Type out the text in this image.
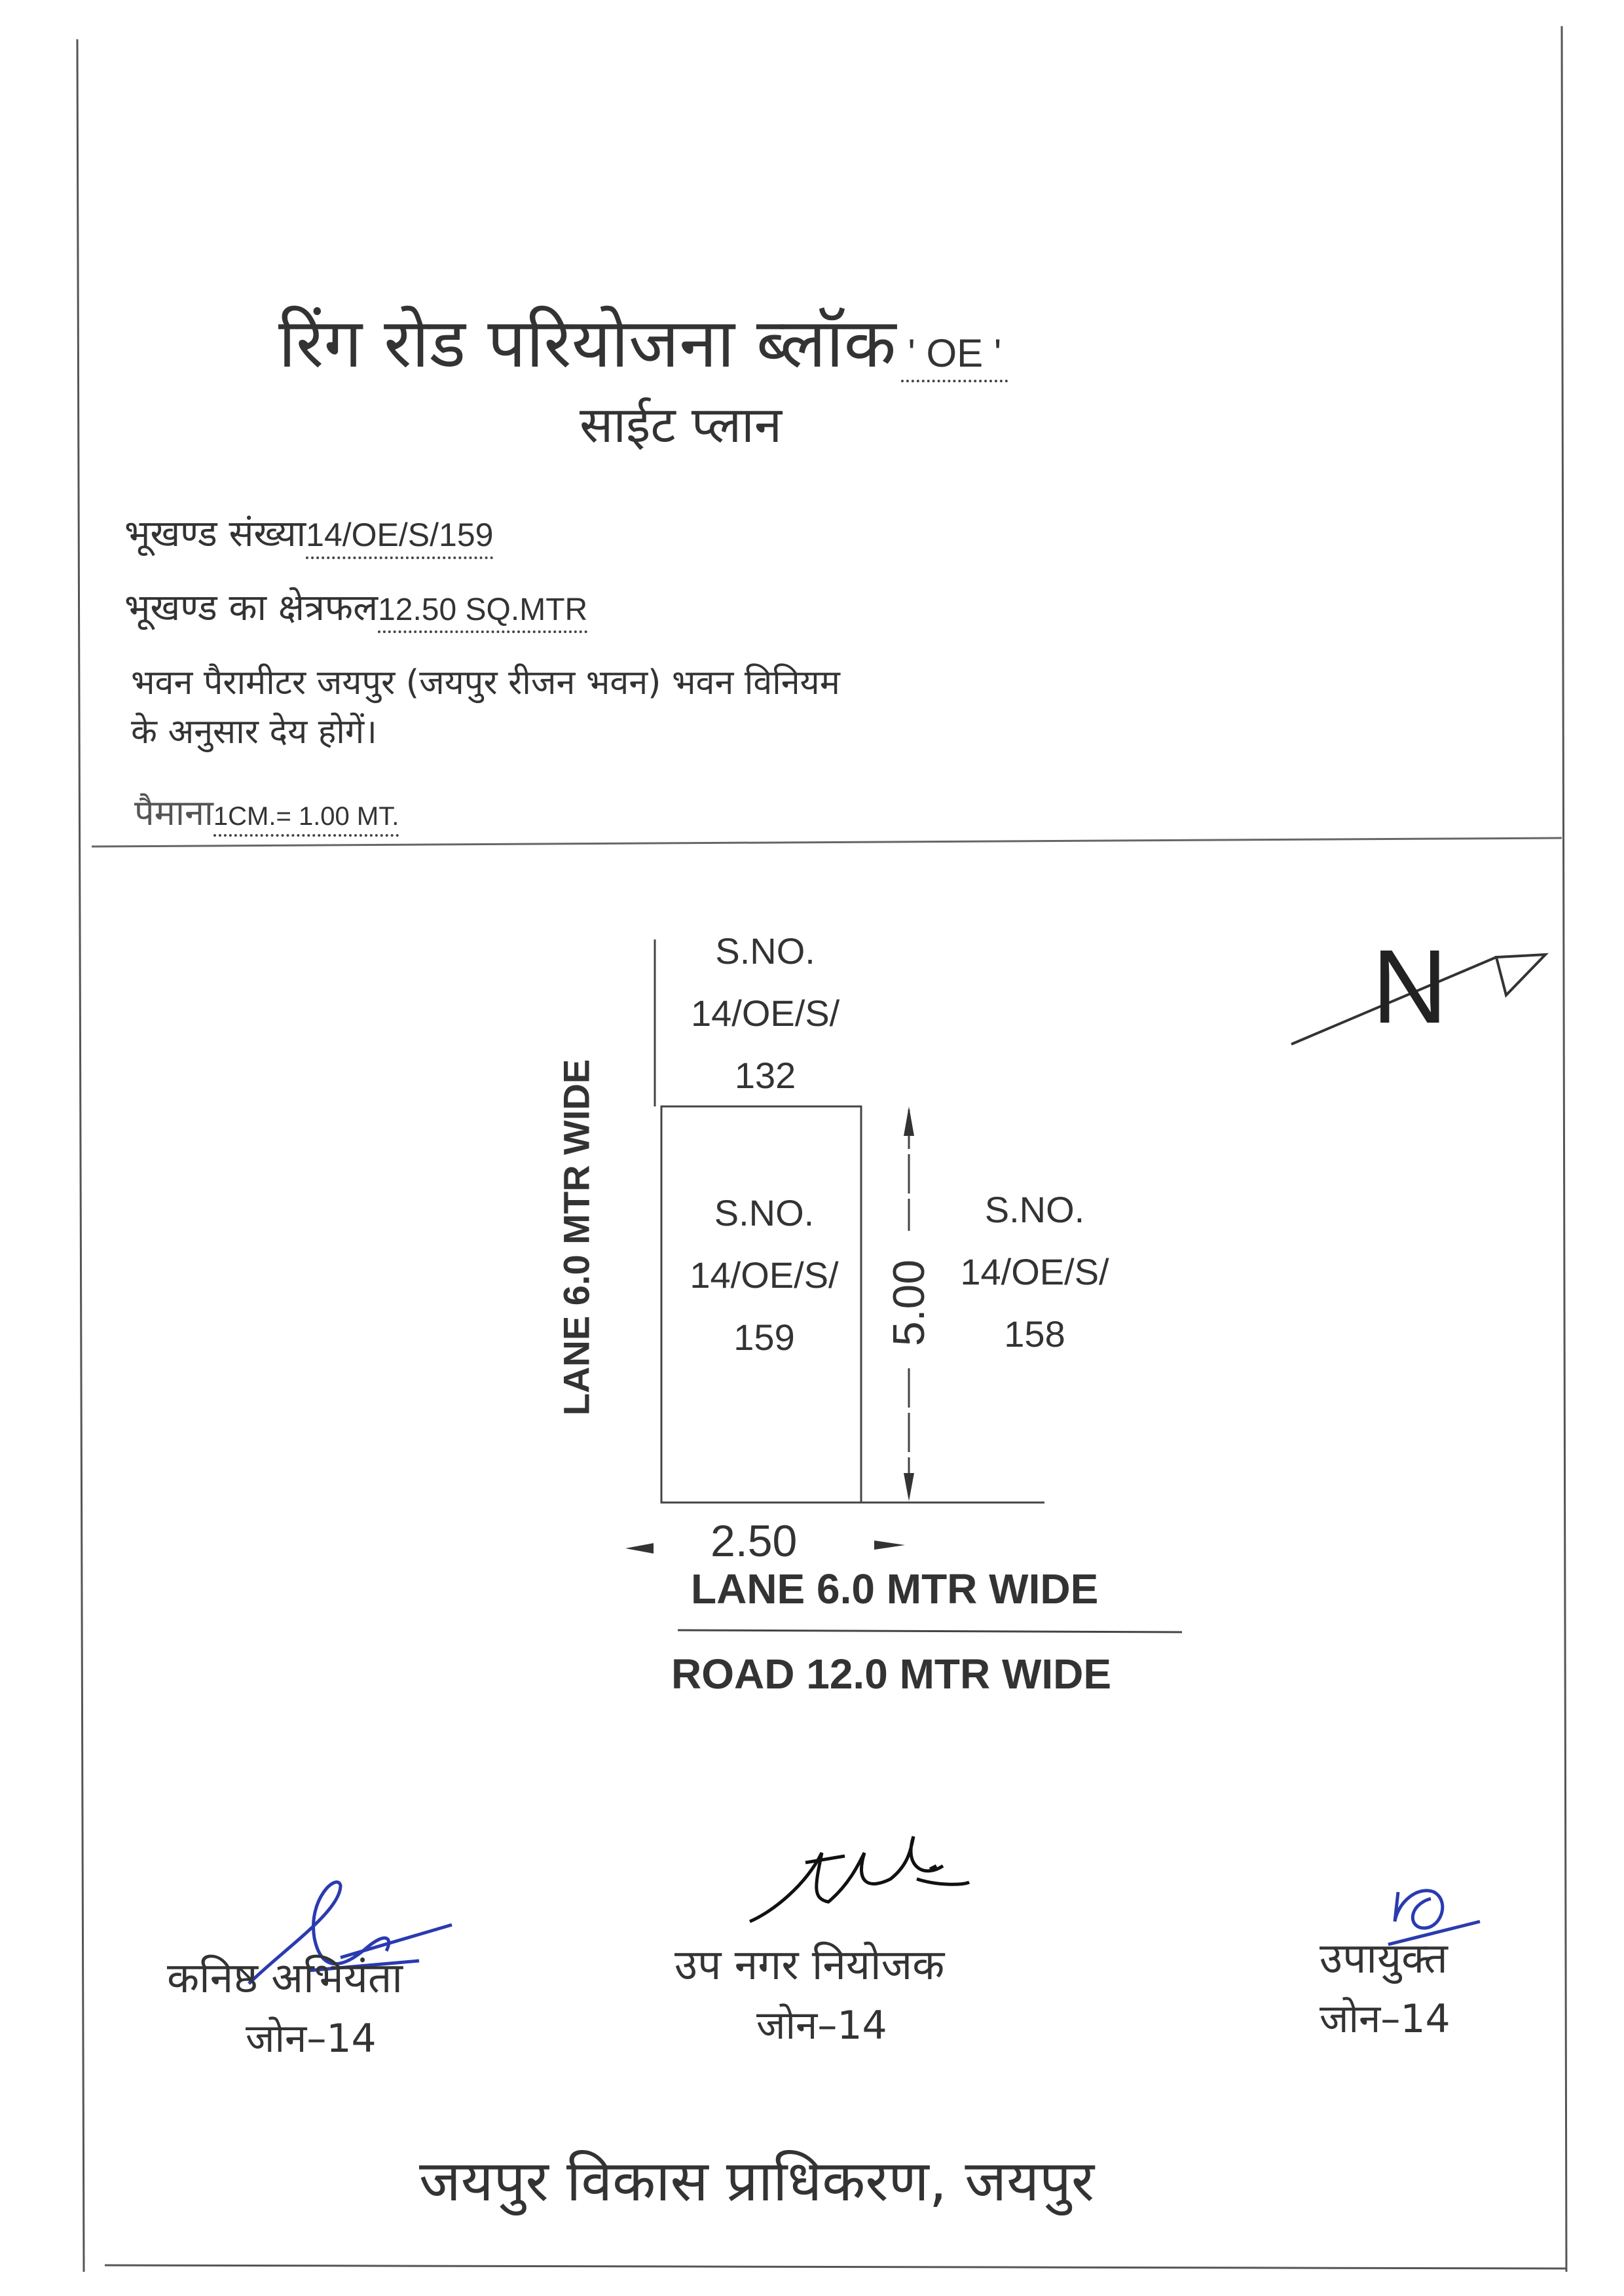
रिंग रोड परियोजना ब्लॉक ' OE '
साईट प्लान
भूखण्ड संख्या14/OE/S/159
भूखण्ड का क्षेत्रफल12.50 SQ.MTR
भवन पैरामीटर जयपुर (जयपुर रीजन भवन) भवन विनियम
के अनुसार देय होगें।
पैमाना1CM.= 1.00 MT.
LANE 6.0 MTR WIDE
S.NO.
14/OE/S/
132
S.NO.
14/OE/S/
159
S.NO.
14/OE/S/
158
5.00
2.50
LANE 6.0 MTR WIDE
ROAD 12.0 MTR WIDE
N
कनिष्ठ अभियंता
जोन–14
उप नगर नियोजक
जोन–14
उपायुक्त
जोन–14
जयपुर विकास प्राधिकरण, जयपुर
